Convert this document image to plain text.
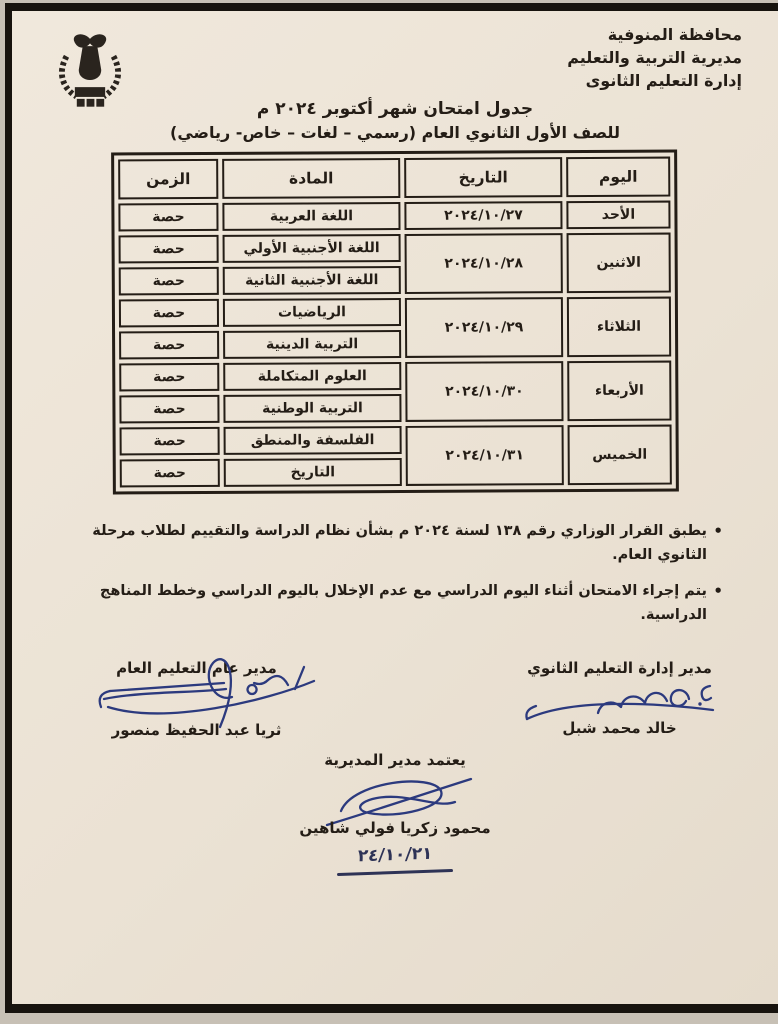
محافظة المنوفية
مديرية التربية والتعليم
إدارة التعليم الثانوى
جدول امتحان شهر أكتوبر ٢٠٢٤ م
للصف الأول الثانوي العام (رسمي – لغات – خاص- رياضي)
اليوم	التاريخ	المادة	الزمن
الأحد	٢٠٢٤/١٠/٢٧	اللغة العربية	حصة
الاثنين	٢٠٢٤/١٠/٢٨	اللغة الأجنبية الأولي	حصة
		اللغة الأجنبية الثانية	حصة
الثلاثاء	٢٠٢٤/١٠/٢٩	الرياضيات	حصة
		التربية الدينية	حصة
الأربعاء	٢٠٢٤/١٠/٣٠	العلوم المتكاملة	حصة
		التربية الوطنية	حصة
الخميس	٢٠٢٤/١٠/٣١	الفلسفة والمنطق	حصة
		التاريخ	حصة
• يطبق القرار الوزاري رقم ١٣٨ لسنة ٢٠٢٤ م بشأن نظام الدراسة والتقييم لطلاب مرحلة الثانوي العام.
• يتم إجراء الامتحان أثناء اليوم الدراسي مع عدم الإخلال باليوم الدراسي وخطط المناهج الدراسية.
مدير إدارة التعليم الثانوي
خالد محمد شبل
مدير عام التعليم العام
ثريا عبد الحفيظ منصور
يعتمد مدير المديرية
محمود زكريا فولي شاهين
٢٤/١٠/٢١
